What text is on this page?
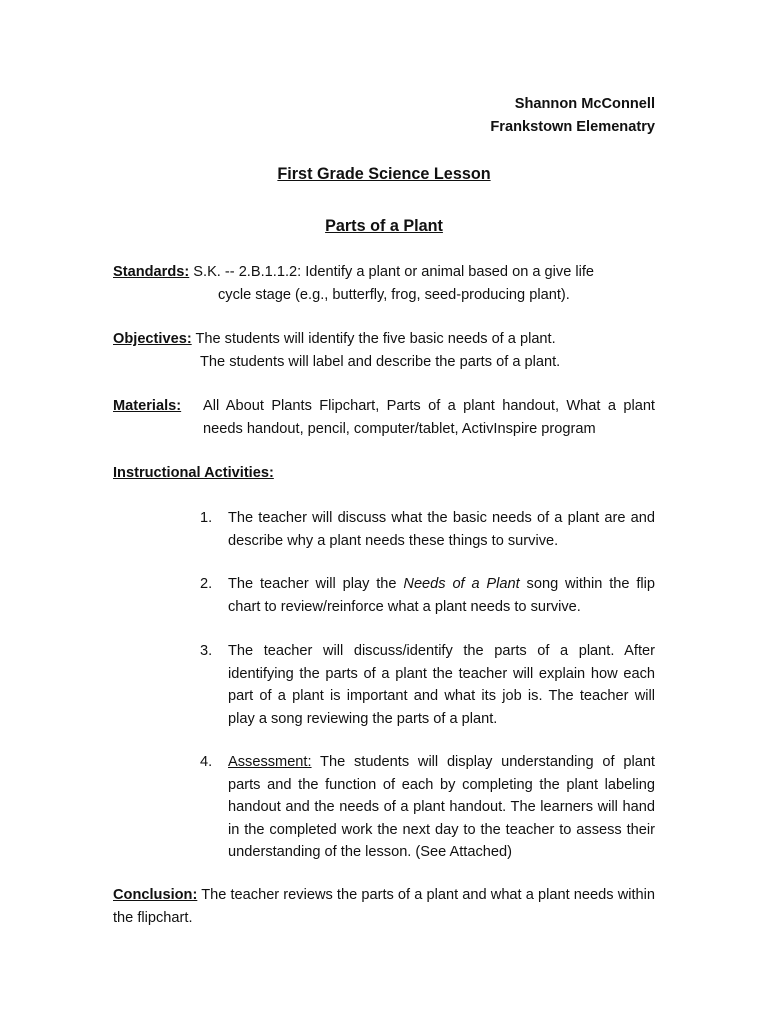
Shannon McConnell
Frankstown Elemenatry
First Grade Science Lesson
Parts of a Plant
Standards: S.K. -- 2.B.1.1.2: Identify a plant or animal based on a give life
cycle stage (e.g., butterfly, frog, seed-producing plant).
Objectives: The students will identify the five basic needs of a plant.
The students will label and describe the parts of a plant.
Materials:	All About Plants Flipchart, Parts of a plant handout, What a plant needs handout, pencil, computer/tablet, ActivInspire program
Instructional Activities:
1.	The teacher will discuss what the basic needs of a plant are and describe why a plant needs these things to survive.
2.	The teacher will play the Needs of a Plant song within the flip chart to review/reinforce what a plant needs to survive.
3.	The teacher will discuss/identify the parts of a plant. After identifying the parts of a plant the teacher will explain how each part of a plant is important and what its job is. The teacher will play a song reviewing the parts of a plant.
4.	Assessment: The students will display understanding of plant parts and the function of each by completing the plant labeling handout and the needs of a plant handout. The learners will hand in the completed work the next day to the teacher to assess their understanding of the lesson. (See Attached)
Conclusion: The teacher reviews the parts of a plant and what a plant needs within the flipchart.
